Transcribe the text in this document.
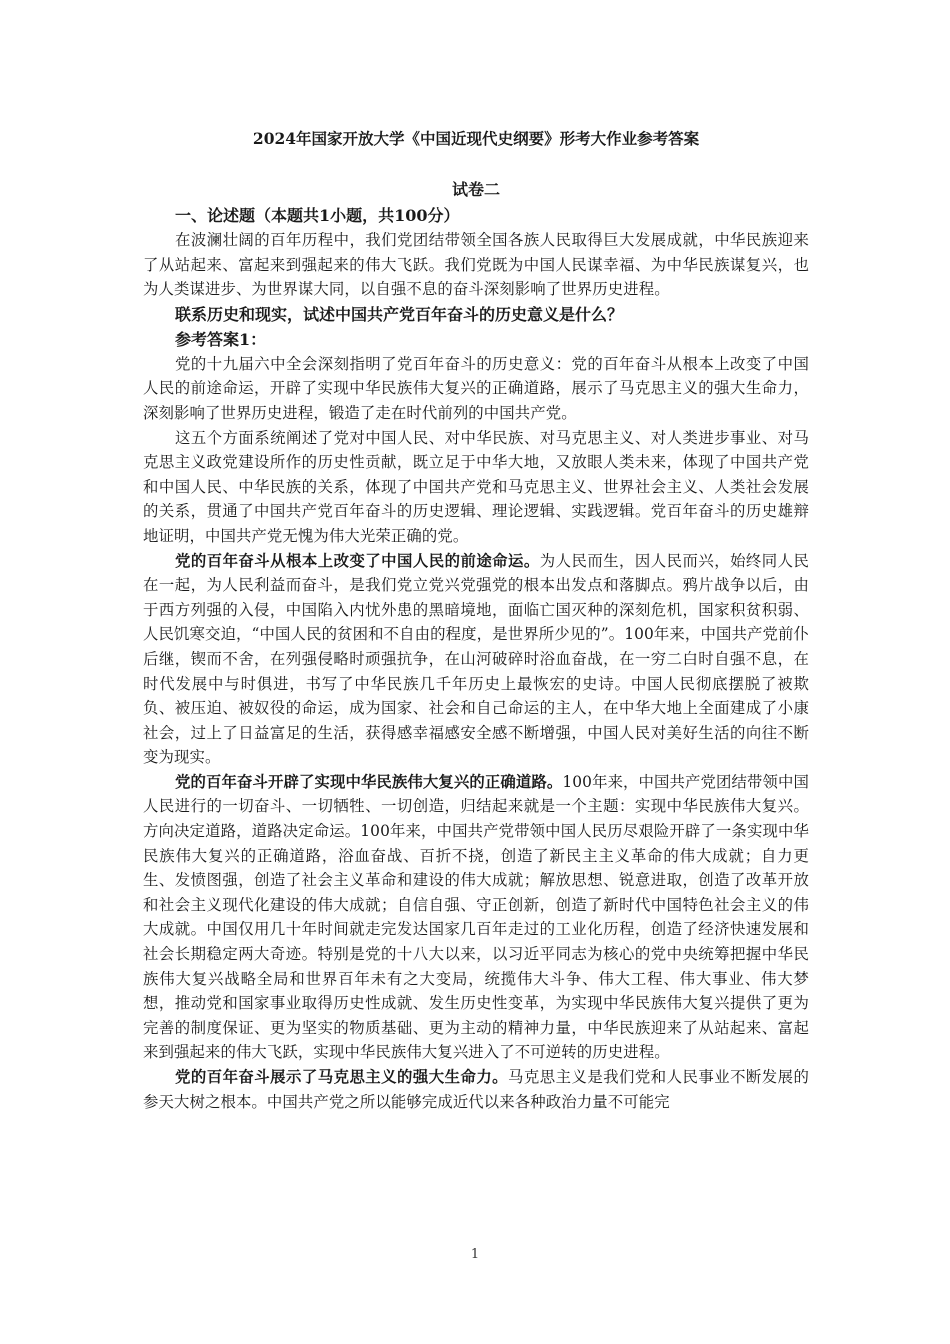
2024年国家开放大学《中国近现代史纲要》形考大作业参考答案
试卷二
一、论述题（本题共1小题，共100分）

在波澜壮阔的百年历程中，我们党团结带领全国各族人民取得巨大发展成就，中华民族迎来了从站起来、富起来到强起来的伟大飞跃。我们党既为中国人民谋幸福、为中华民族谋复兴，也为人类谋进步、为世界谋大同，以自强不息的奋斗深刻影响了世界历史进程。

联系历史和现实，试述中国共产党百年奋斗的历史意义是什么？
参考答案1：

党的十九届六中全会深刻指明了党百年奋斗的历史意义：党的百年奋斗从根本上改变了中国人民的前途命运，开辟了实现中华民族伟大复兴的正确道路，展示了马克思主义的强大生命力，深刻影响了世界历史进程，锻造了走在时代前列的中国共产党。

这五个方面系统阐述了党对中国人民、对中华民族、对马克思主义、对人类进步事业、对马克思主义政党建设所作的历史性贡献，既立足于中华大地，又放眼人类未来，体现了中国共产党和中国人民、中华民族的关系，体现了中国共产党和马克思主义、世界社会主义、人类社会发展的关系，贯通了中国共产党百年奋斗的历史逻辑、理论逻辑、实践逻辑。党百年奋斗的历史雄辩地证明，中国共产党无愧为伟大光荣正确的党。

党的百年奋斗从根本上改变了中国人民的前途命运。为人民而生，因人民而兴，始终同人民在一起，为人民利益而奋斗，是我们党立党兴党强党的根本出发点和落脚点。鸦片战争以后，由于西方列强的入侵，中国陷入内忧外患的黑暗境地，面临亡国灭种的深刻危机，国家积贫积弱、人民饥寒交迫，“中国人民的贫困和不自由的程度，是世界所少见的”。100年来，中国共产党前仆后继，锲而不舍，在列强侵略时顽强抗争，在山河破碎时浴血奋战，在一穷二白时自强不息，在时代发展中与时俱进，书写了中华民族几千年历史上最恢宏的史诗。中国人民彻底摆脱了被欺负、被压迫、被奴役的命运，成为国家、社会和自己命运的主人，在中华大地上全面建成了小康社会，过上了日益富足的生活，获得感幸福感安全感不断增强，中国人民对美好生活的向往不断变为现实。

党的百年奋斗开辟了实现中华民族伟大复兴的正确道路。100年来，中国共产党团结带领中国人民进行的一切奋斗、一切牺牲、一切创造，归结起来就是一个主题：实现中华民族伟大复兴。方向决定道路，道路决定命运。100年来，中国共产党带领中国人民历尽艰险开辟了一条实现中华民族伟大复兴的正确道路，浴血奋战、百折不挠，创造了新民主主义革命的伟大成就；自力更生、发愤图强，创造了社会主义革命和建设的伟大成就；解放思想、锐意进取，创造了改革开放和社会主义现代化建设的伟大成就；自信自强、守正创新，创造了新时代中国特色社会主义的伟大成就。中国仅用几十年时间就走完发达国家几百年走过的工业化历程，创造了经济快速发展和社会长期稳定两大奇迹。特别是党的十八大以来，以习近平同志为核心的党中央统筹把握中华民族伟大复兴战略全局和世界百年未有之大变局，统揽伟大斗争、伟大工程、伟大事业、伟大梦想，推动党和国家事业取得历史性成就、发生历史性变革，为实现中华民族伟大复兴提供了更为完善的制度保证、更为坚实的物质基础、更为主动的精神力量，中华民族迎来了从站起来、富起来到强起来的伟大飞跃，实现中华民族伟大复兴进入了不可逆转的历史进程。

党的百年奋斗展示了马克思主义的强大生命力。马克思主义是我们党和人民事业不断发展的参天大树之根本。中国共产党之所以能够完成近代以来各种政治力量不可能完

1
